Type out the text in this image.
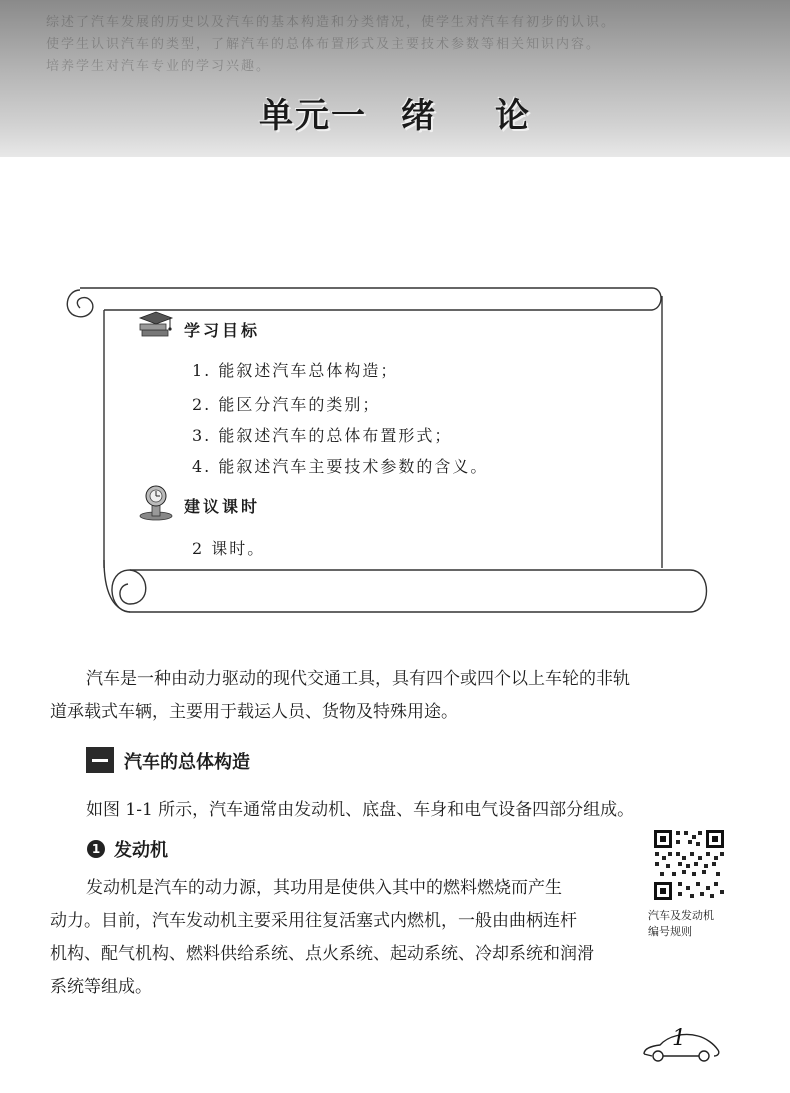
综述了汽车发展的历史以及汽车的基本构造和分类情况，使学生对汽车有初步的认识。
使学生认识汽车的类型，了解汽车的总体布置形式及主要技术参数等相关知识内容。
培养学生对汽车专业的学习兴趣。
单元一 绪 论
学习目标
1. 能叙述汽车总体构造；
2. 能区分汽车的类别；
3. 能叙述汽车的总体布置形式；
4. 能叙述汽车主要技术参数的含义。
建议课时
2 课时。
汽车是一种由动力驱动的现代交通工具，具有四个或四个以上车轮的非轨
道承载式车辆，主要用于载运人员、货物及特殊用途。
汽车的总体构造
如图 1-1 所示，汽车通常由发动机、底盘、车身和电气设备四部分组成。
1 发动机
发动机是汽车的动力源，其功用是使供入其中的燃料燃烧而产生
动力。目前，汽车发动机主要采用往复活塞式内燃机，一般由曲柄连杆
机构、配气机构、燃料供给系统、点火系统、起动系统、冷却系统和润滑
系统等组成。
汽车及发动机
编号规则
1
